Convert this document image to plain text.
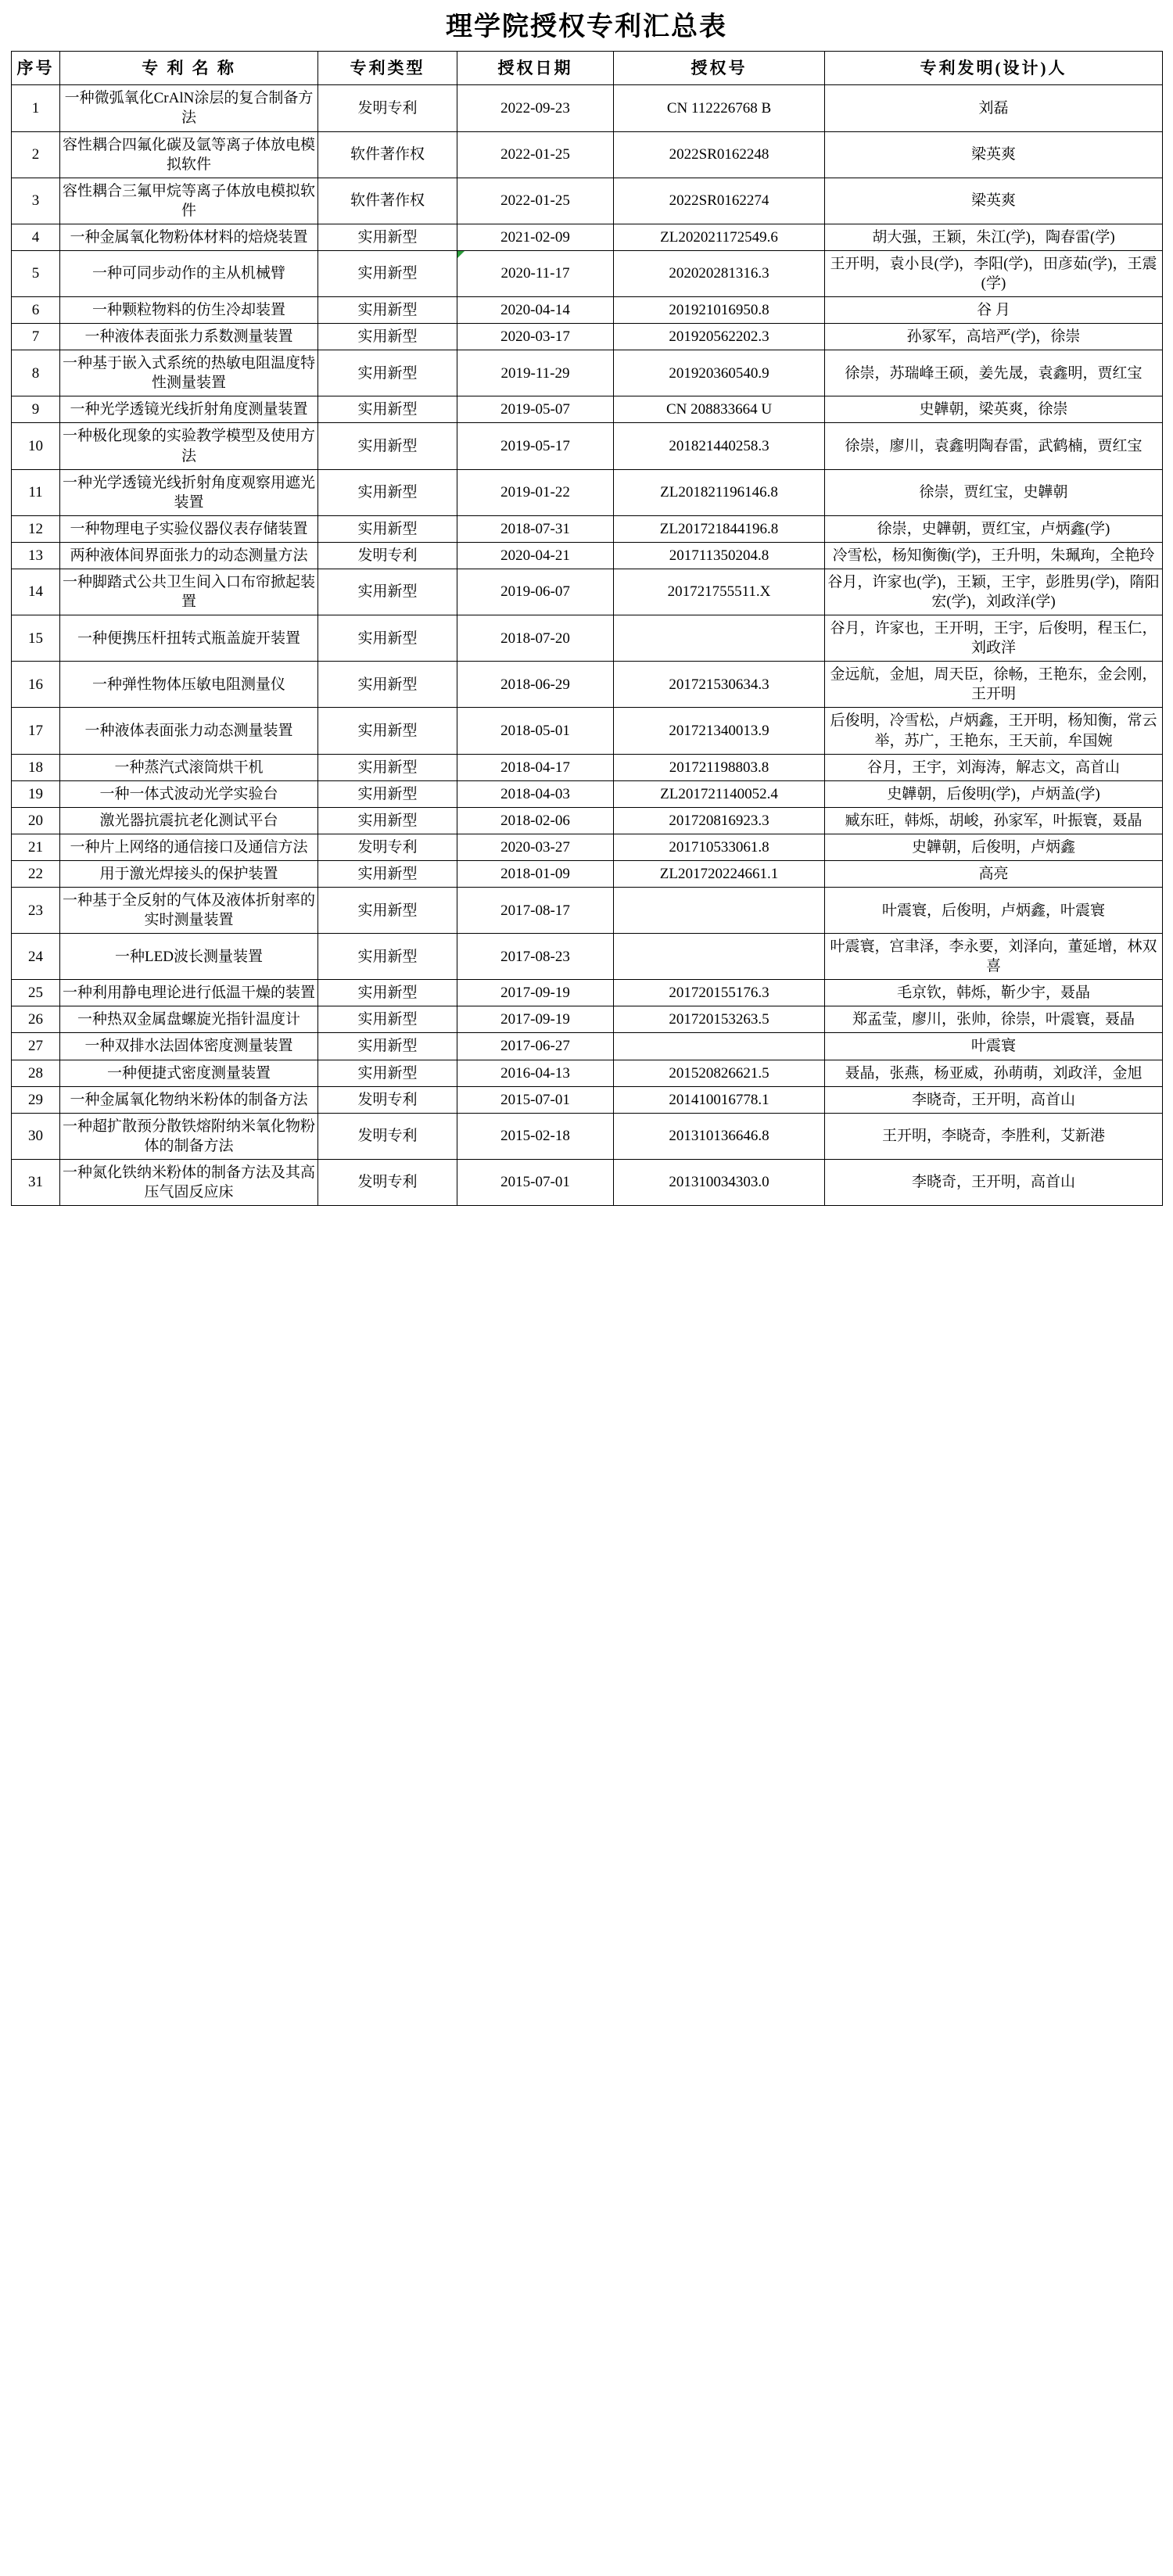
理学院授权专利汇总表
序号	专 利 名 称	专利类型	授权日期	授权号	专利发明(设计)人
1	一种微弧氧化CrAlN涂层的复合制备方法	发明专利	2022-09-23	CN 112226768 B	刘磊
2	容性耦合四氟化碳及氩等离子体放电模拟软件	软件著作权	2022-01-25	2022SR0162248	梁英爽
3	容性耦合三氟甲烷等离子体放电模拟软件	软件著作权	2022-01-25	2022SR0162274	梁英爽
4	一种金属氧化物粉体材料的焙烧装置	实用新型	2021-02-09	ZL202021172549.6	胡大强，王颖，朱江(学)，陶春雷(学)
5	一种可同步动作的主从机械臂	实用新型	2020-11-17	202020281316.3	王开明，袁小艮(学)，李阳(学)，田彦茹(学)，王震(学)
6	一种颗粒物料的仿生冷却装置	实用新型	2020-04-14	201921016950.8	谷 月
7	一种液体表面张力系数测量装置	实用新型	2020-03-17	201920562202.3	孙冢军，高培严(学)，徐崇
8	一种基于嵌入式系统的热敏电阻温度特性测量装置	实用新型	2019-11-29	201920360540.9	徐崇，苏瑞峰王硕，姜先晟，袁鑫明，贾红宝
9	一种光学透镜光线折射角度测量装置	实用新型	2019-05-07	CN 208833664 U	史韡朝，梁英爽，徐崇
10	一种极化现象的实验教学模型及使用方法	实用新型	2019-05-17	201821440258.3	徐崇，廖川，袁鑫明陶春雷，武鹤楠，贾红宝
11	一种光学透镜光线折射角度观察用遮光装置	实用新型	2019-01-22	ZL201821196146.8	徐崇，贾红宝，史韡朝
12	一种物理电子实验仪器仪表存储装置	实用新型	2018-07-31	ZL201721844196.8	徐崇，史韡朝，贾红宝，卢炳鑫(学)
13	两种液体间界面张力的动态测量方法	发明专利	2020-04-21	201711350204.8	冷雪松，杨知衡衡(学)，王升明，朱珮珣，全艳玲
14	一种脚踏式公共卫生间入口布帘掀起装置	实用新型	2019-06-07	201721755511.X	谷月，许家也(学)，王颖，王宇，彭胜男(学)，隋阳宏(学)，刘政洋(学)
15	一种便携压杆扭转式瓶盖旋开装置	实用新型	2018-07-20		谷月，许家也，王开明，王宇，后俊明，程玉仁，刘政洋
16	一种弹性物体压敏电阻测量仪	实用新型	2018-06-29	201721530634.3	金远航，金旭，周天臣，徐畅，王艳东，金会刚，王开明
17	一种液体表面张力动态测量装置	实用新型	2018-05-01	201721340013.9	后俊明，冷雪松，卢炳鑫，王开明，杨知衡，常云举，苏广，王艳东，王天前，牟国婉
18	一种蒸汽式滚筒烘干机	实用新型	2018-04-17	201721198803.8	谷月，王宇，刘海涛，解志文，高首山
19	一种一体式波动光学实验台	实用新型	2018-04-03	ZL201721140052.4	史韡朝，后俊明(学)，卢炳盖(学)
20	激光器抗震抗老化测试平台	实用新型	2018-02-06	201720816923.3	臧东旺，韩烁，胡峻，孙家军，叶振寰，聂晶
21	一种片上网络的通信接口及通信方法	发明专利	2020-03-27	201710533061.8	史韡朝，后俊明，卢炳鑫
22	用于激光焊接头的保护装置	实用新型	2018-01-09	ZL201720224661.1	高亮
23	一种基于全反射的气体及液体折射率的实时测量装置	实用新型	2017-08-17		叶震寰，后俊明，卢炳鑫，叶震寰
24	一种LED波长测量装置	实用新型	2017-08-23		叶震寰，宫聿泽，李永要，刘泽向，董延增，林双喜
25	一种利用静电理论进行低温干燥的装置	实用新型	2017-09-19	201720155176.3	毛京钦，韩烁，靳少宇，聂晶
26	一种热双金属盘螺旋光指针温度计	实用新型	2017-09-19	201720153263.5	郑孟莹，廖川，张帅，徐崇，叶震寰，聂晶
27	一种双排水法固体密度测量装置	实用新型	2017-06-27		叶震寰
28	一种便捷式密度测量装置	实用新型	2016-04-13	201520826621.5	聂晶，张燕，杨亚威，孙萌萌，刘政洋，金旭
29	一种金属氧化物纳米粉体的制备方法	发明专利	2015-07-01	201410016778.1	李晓奇，王开明，高首山
30	一种超扩散预分散铁熔附纳米氧化物粉体的制备方法	发明专利	2015-02-18	201310136646.8	王开明，李晓奇，李胜利，艾新港
31	一种氮化铁纳米粉体的制备方法及其高压气固反应床	发明专利	2015-07-01	201310034303.0	李晓奇，王开明，高首山
